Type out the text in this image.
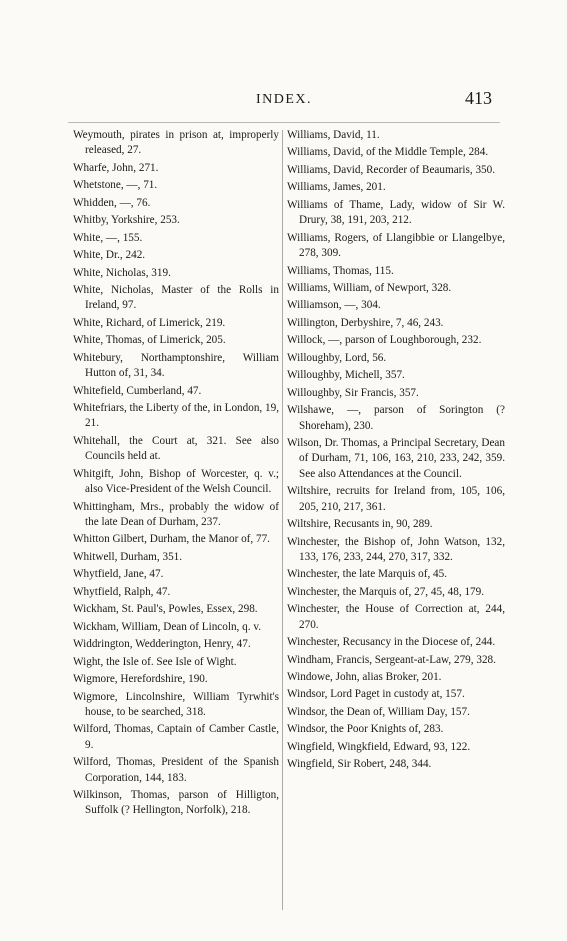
INDEX.	413

Weymouth, pirates in prison at, improperly released, 27.

Wharfe, John, 271.

Whetstone, —, 71.

Whidden, —, 76.

Whitby, Yorkshire, 253.

White, —, 155.

White, Dr., 242.

White, Nicholas, 319.

White, Nicholas, Master of the Rolls in Ireland, 97.

White, Richard, of Limerick, 219.

White, Thomas, of Limerick, 205.

Whitebury, Northamptonshire, William Hutton of, 31, 34.

Whitefield, Cumberland, 47.

Whitefriars, the Liberty of the, in London, 19, 21.

Whitehall, the Court at, 321. See also Councils held at.

Whitgift, John, Bishop of Worcester, q. v.; also Vice-President of the Welsh Council.

Whittingham, Mrs., probably the widow of the late Dean of Durham, 237.

Whitton Gilbert, Durham, the Manor of, 77.

Whitwell, Durham, 351.

Whytfield, Jane, 47.

Whytfield, Ralph, 47.

Wickham, St. Paul's, Powles, Essex, 298.

Wickham, William, Dean of Lincoln, q. v.

Widdrington, Wedderington, Henry, 47.

Wight, the Isle of. See Isle of Wight.

Wigmore, Herefordshire, 190.

Wigmore, Lincolnshire, William Tyrwhit's house, to be searched, 318.

Wilford, Thomas, Captain of Camber Castle, 9.

Wilford, Thomas, President of the Spanish Corporation, 144, 183.

Wilkinson, Thomas, parson of Hilligton, Suffolk (? Hellington, Norfolk), 218.

Williams, David, 11.

Williams, David, of the Middle Temple, 284.

Williams, David, Recorder of Beaumaris, 350.

Williams, James, 201.

Williams of Thame, Lady, widow of Sir W. Drury, 38, 191, 203, 212.

Williams, Rogers, of Llangibbie or Llangelbye, 278, 309.

Williams, Thomas, 115.

Williams, William, of Newport, 328.

Williamson, —, 304.

Willington, Derbyshire, 7, 46, 243.

Willock, —, parson of Loughborough, 232.

Willoughby, Lord, 56.

Willoughby, Michell, 357.

Willoughby, Sir Francis, 357.

Wilshawe, —, parson of Sorington (? Shoreham), 230.

Wilson, Dr. Thomas, a Principal Secretary, Dean of Durham, 71, 106, 163, 210, 233, 242, 359. See also Attendances at the Council.

Wiltshire, recruits for Ireland from, 105, 106, 205, 210, 217, 361.

Wiltshire, Recusants in, 90, 289.

Winchester, the Bishop of, John Watson, 132, 133, 176, 233, 244, 270, 317, 332.

Winchester, the late Marquis of, 45.

Winchester, the Marquis of, 27, 45, 48, 179.

Winchester, the House of Correction at, 244, 270.

Winchester, Recusancy in the Diocese of, 244.

Windham, Francis, Sergeant-at-Law, 279, 328.

Windowe, John, alias Broker, 201.

Windsor, Lord Paget in custody at, 157.

Windsor, the Dean of, William Day, 157.

Windsor, the Poor Knights of, 283.

Wingfield, Wingkfield, Edward, 93, 122.

Wingfield, Sir Robert, 248, 344.
